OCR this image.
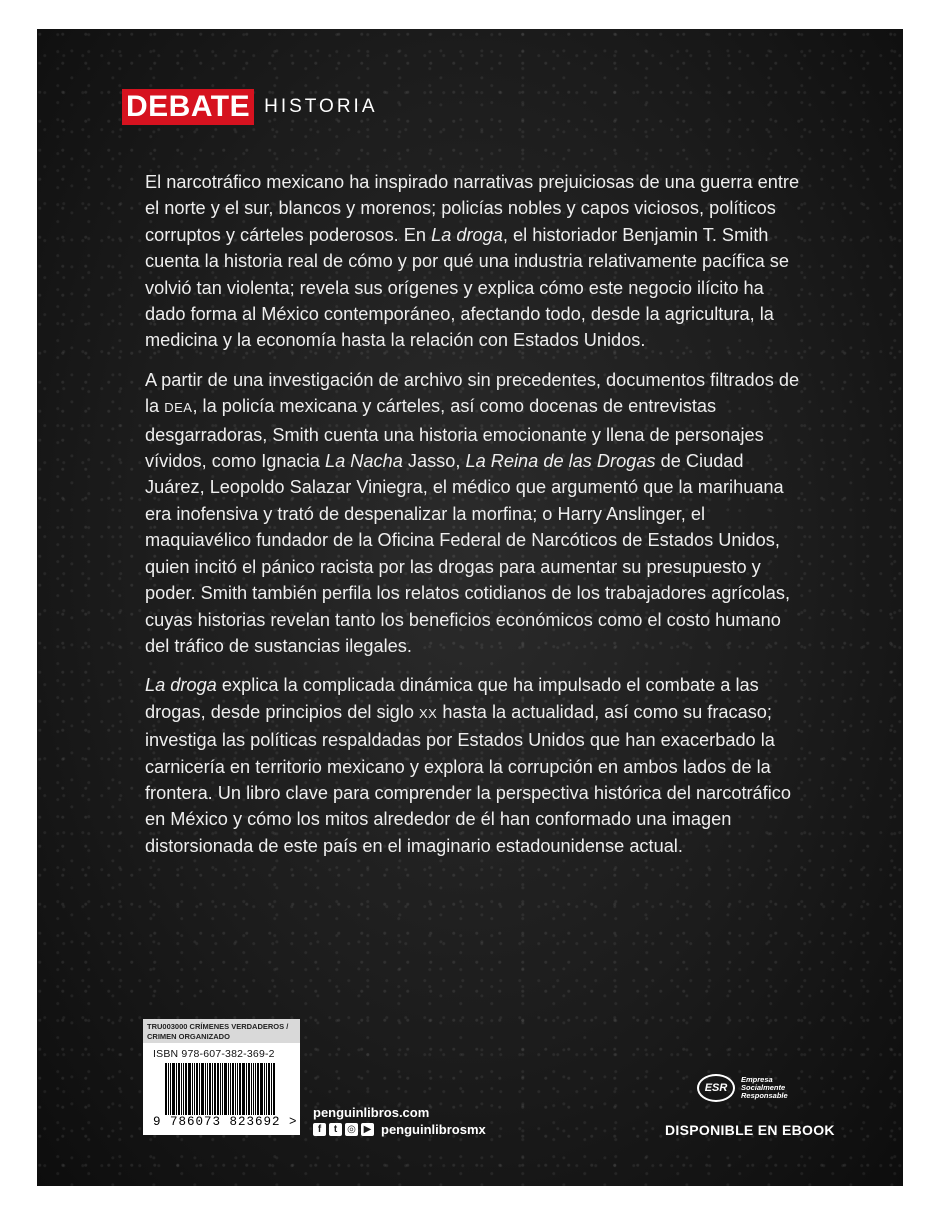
DEBATE HISTORIA

El narcotráfico mexicano ha inspirado narrativas prejuiciosas de una guerra entre el norte y el sur, blancos y morenos; policías nobles y capos viciosos, políticos corruptos y cárteles poderosos. En La droga, el historiador Benjamin T. Smith cuenta la historia real de cómo y por qué una industria relativamente pacífica se volvió tan violenta; revela sus orígenes y explica cómo este negocio ilícito ha dado forma al México contemporáneo, afectando todo, desde la agricultura, la medicina y la economía hasta la relación con Estados Unidos.

A partir de una investigación de archivo sin precedentes, documentos filtrados de la DEA, la policía mexicana y cárteles, así como docenas de entrevistas desgarradoras, Smith cuenta una historia emocionante y llena de personajes vívidos, como Ignacia La Nacha Jasso, La Reina de las Drogas de Ciudad Juárez, Leopoldo Salazar Viniegra, el médico que argumentó que la marihuana era inofensiva y trató de despenalizar la morfina; o Harry Anslinger, el maquiavélico fundador de la Oficina Federal de Narcóticos de Estados Unidos, quien incitó el pánico racista por las drogas para aumentar su presupuesto y poder. Smith también perfila los relatos cotidianos de los trabajadores agrícolas, cuyas historias revelan tanto los beneficios económicos como el costo humano del tráfico de sustancias ilegales.

La droga explica la complicada dinámica que ha impulsado el combate a las drogas, desde principios del siglo XX hasta la actualidad, así como su fracaso; investiga las políticas respaldadas por Estados Unidos que han exacerbado la carnicería en territorio mexicano y explora la corrupción en ambos lados de la frontera. Un libro clave para comprender la perspectiva histórica del narcotráfico en México y cómo los mitos alrededor de él han conformado una imagen distorsionada de este país en el imaginario estadounidense actual.

TRU003000 CRÍMENES VERDADEROS / CRIMEN ORGANIZADO
ISBN 978-607-382-369-2
9 786073 823692 >
penguinlibros.com
f	t ◎ ▶ penguinlibrosmx
ESR
Empresa
Socialmente
Responsable
DISPONIBLE EN EBOOK
